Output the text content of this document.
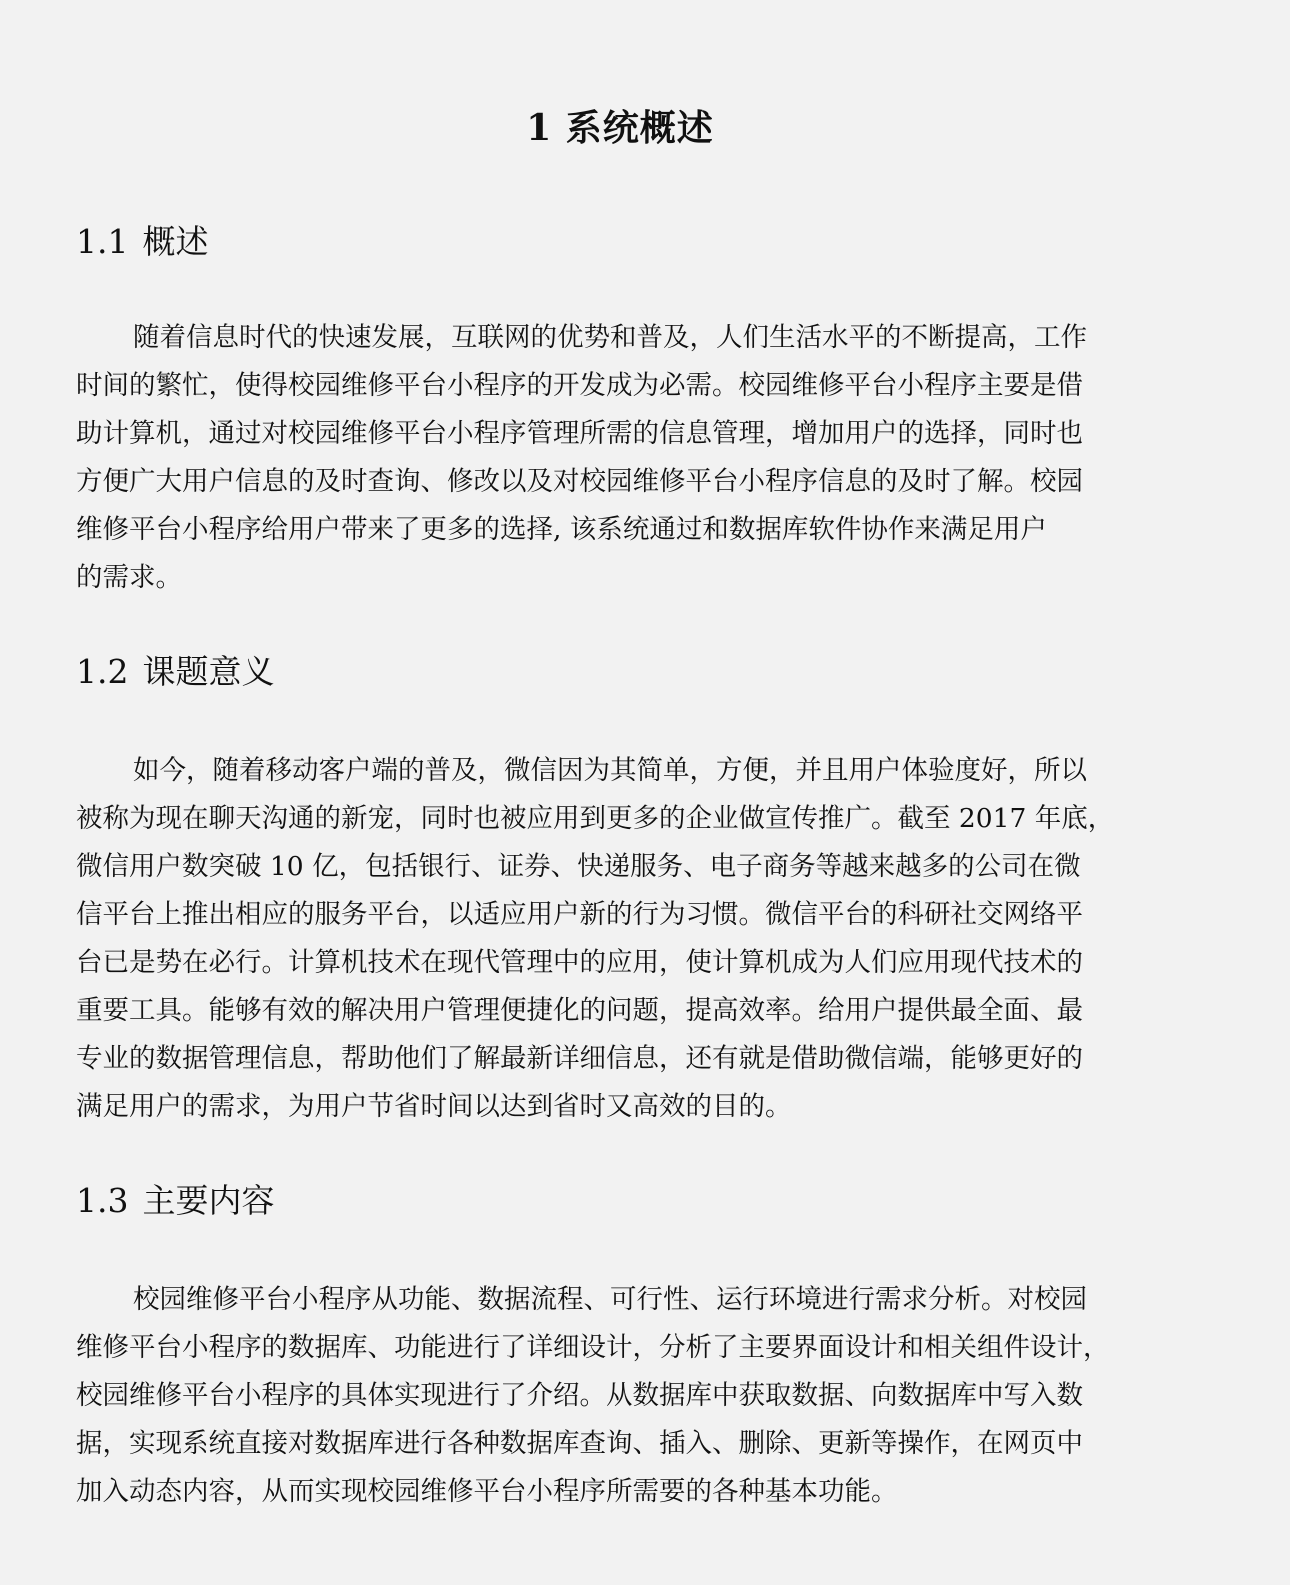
1 系统概述
1.1 概述
随着信息时代的快速发展，互联网的优势和普及，人们生活水平的不断提高，工作
时间的繁忙，使得校园维修平台小程序的开发成为必需。校园维修平台小程序主要是借
助计算机，通过对校园维修平台小程序管理所需的信息管理，增加用户的选择，同时也
方便广大用户信息的及时查询、修改以及对校园维修平台小程序信息的及时了解。校园
维修平台小程序给用户带来了更多的选择, 该系统通过和数据库软件协作来满足用户
的需求。
1.2 课题意义
如今，随着移动客户端的普及，微信因为其简单，方便，并且用户体验度好，所以
被称为现在聊天沟通的新宠，同时也被应用到更多的企业做宣传推广。截至 2017 年底，
微信用户数突破 10 亿，包括银行、证券、快递服务、电子商务等越来越多的公司在微
信平台上推出相应的服务平台，以适应用户新的行为习惯。微信平台的科研社交网络平
台已是势在必行。计算机技术在现代管理中的应用，使计算机成为人们应用现代技术的
重要工具。能够有效的解决用户管理便捷化的问题，提高效率。给用户提供最全面、最
专业的数据管理信息，帮助他们了解最新详细信息，还有就是借助微信端，能够更好的
满足用户的需求，为用户节省时间以达到省时又高效的目的。
1.3 主要内容
校园维修平台小程序从功能、数据流程、可行性、运行环境进行需求分析。对校园
维修平台小程序的数据库、功能进行了详细设计，分析了主要界面设计和相关组件设计，
校园维修平台小程序的具体实现进行了介绍。从数据库中获取数据、向数据库中写入数
据，实现系统直接对数据库进行各种数据库查询、插入、删除、更新等操作，在网页中
加入动态内容，从而实现校园维修平台小程序所需要的各种基本功能。
